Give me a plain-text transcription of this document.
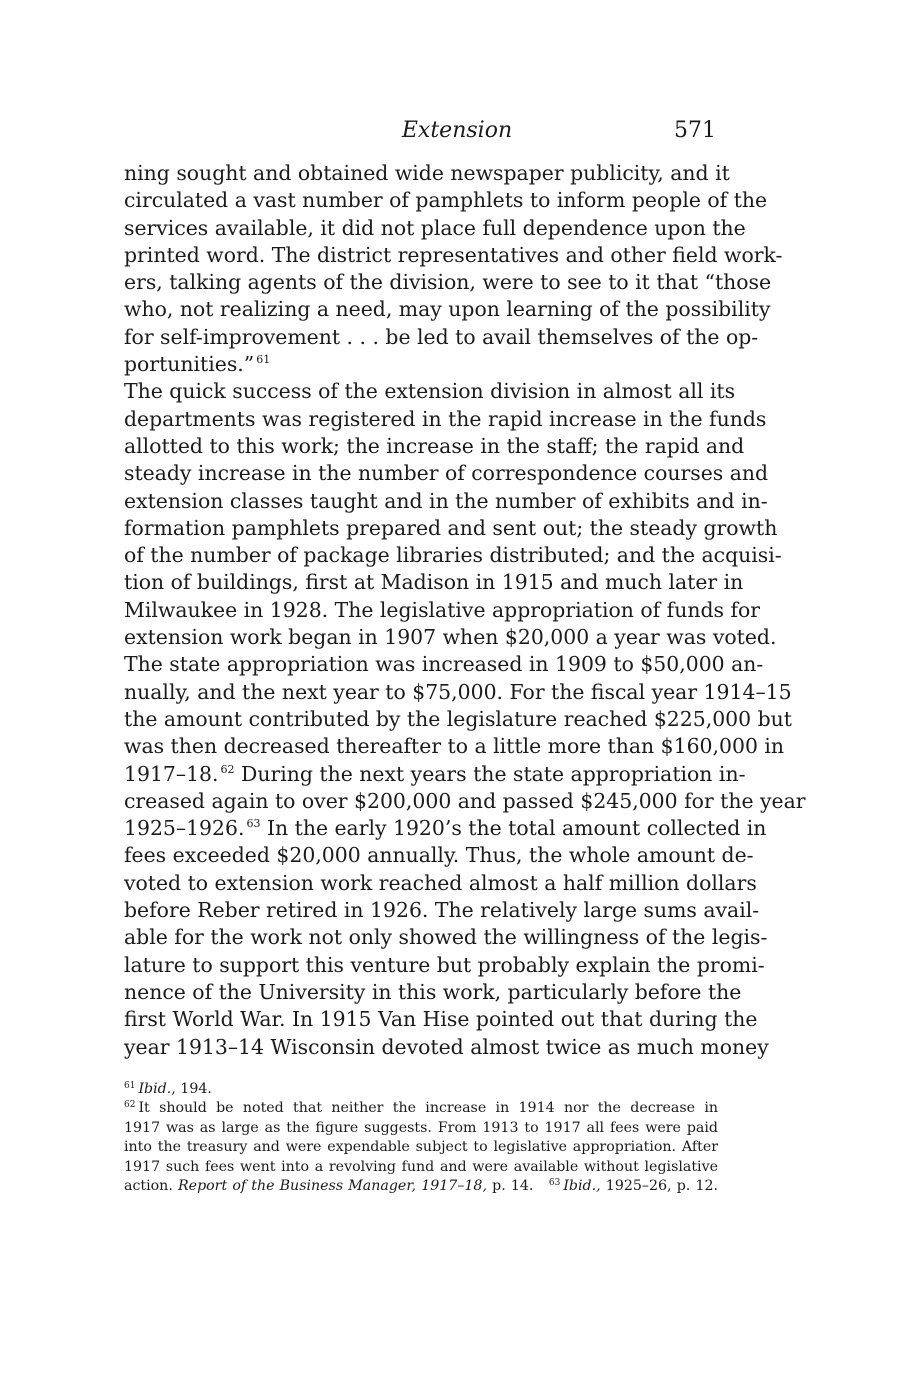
Extension	571
ning sought and obtained wide newspaper publicity, and it
circulated a vast number of pamphlets to inform people of the
services available, it did not place full dependence upon the
printed word. The district representatives and other field work-
ers, talking agents of the division, were to see to it that “those
who, not realizing a need, may upon learning of the possibility
for self-improvement . . . be led to avail themselves of the op-
portunities.” $^{61}$
The quick success of the extension division in almost all its
departments was registered in the rapid increase in the funds
allotted to this work; the increase in the staff; the rapid and
steady increase in the number of correspondence courses and
extension classes taught and in the number of exhibits and in-
formation pamphlets prepared and sent out; the steady growth
of the number of package libraries distributed; and the acquisi-
tion of buildings, first at Madison in 1915 and much later in
Milwaukee in 1928. The legislative appropriation of funds for
extension work began in 1907 when $20,000 a year was voted.
The state appropriation was increased in 1909 to $50,000 an-
nually, and the next year to $75,000. For the fiscal year 1914–15
the amount contributed by the legislature reached $225,000 but
was then decreased thereafter to a little more than $160,000 in
1917–18. $^{62}$ During the next years the state appropriation in-
creased again to over $200,000 and passed $245,000 for the year
1925–1926. $^{63}$ In the early 1920’s the total amount collected in
fees exceeded $20,000 annually. Thus, the whole amount de-
voted to extension work reached almost a half million dollars
before Reber retired in 1926. The relatively large sums avail-
able for the work not only showed the willingness of the legis-
lature to support this venture but probably explain the promi-
nence of the University in this work, particularly before the
first World War. In 1915 Van Hise pointed out that during the
year 1913–14 Wisconsin devoted almost twice as much money
$^{61}$ Ibid., 194.
$^{62}$ It should be noted that neither the increase in 1914 nor the decrease in
1917 was as large as the figure suggests. From 1913 to 1917 all fees were paid
into the treasury and were expendable subject to legislative appropriation. After
1917 such fees went into a revolving fund and were available without legislative
action. Report of the Business Manager, 1917–18, p. 14. $^{63}$ Ibid., 1925–26, p. 12.
